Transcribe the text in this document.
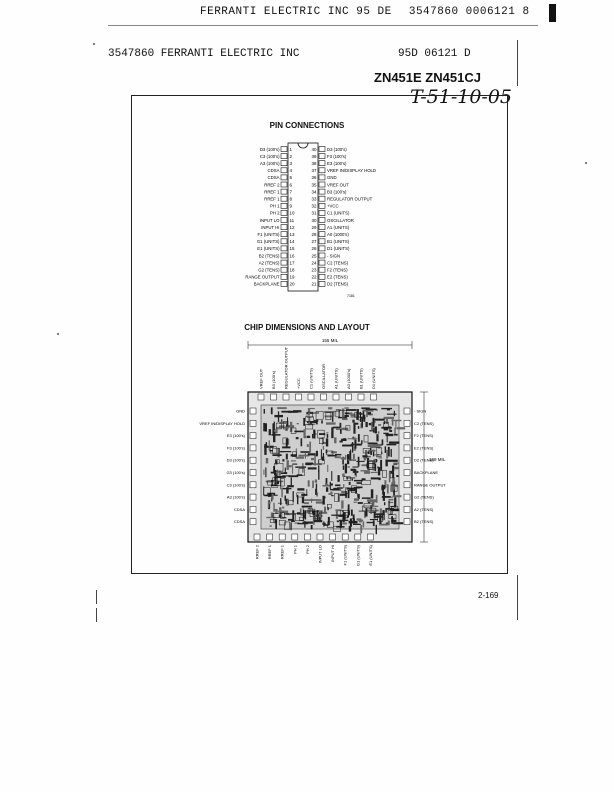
FERRANTI ELECTRIC INC 95 DE 3547860 0006121 8
3547860 FERRANTI ELECTRIC INC	95D 06121 D
ZN451E ZN451CJ
T-51-10-05
PIN CONNECTIONS
1
D3 (100's)
2
C3 (100's)
3
A3 (100's)
4
CDSA
5
CDSA
6
RREF 2
7
RREF 1
8
RREF 1
9
PH 1
10
PH 2
11
INPUT LO
12
INPUT HI
13
F1 (UNITS)
14
G1 (UNITS)
15
E1 (UNITS)
16
B2 (TENS)
17
A2 (TENS)
18
G2 (TENS)
19
RANGE OUTPUT
20
BACKPLANE
40 D3 (100's)
39 F3 (100's)
38 E3 (100's)
37 VREF IN/DISPLAY HOLD
36 GND
35 VREF OUT
34 B3 (100's)
33 REGULATOR OUTPUT
32 +VCC
31 C1 (UNITS)
30 OSCILLATOR
29 A1 (UNITS)
28 A0 (1000's)
27 B1 (UNITS)
26 D1 (UNITS)
25 - SIGN
24 C2 (TENS)
23 F2 (TENS)
22 E2 (TENS)
21 D2 (TENS)
7181
CHIP DIMENSIONS AND LAYOUT
155 MIL
158 MIL
VREF OUT B3 (100's) REGULATOR OUTPUT +VCC C1 (UNITS) OSCILLATOR A1 (UNITS) A0 (1000's) B1 (UNITS) D1 (UNITS)
GND
VREF IN/DISPLAY HOLD
E3 (100's)
F3 (100's)
D3 (100's)
G3 (100's)
C3 (100's)
A3 (100's)
CDSA
CDSA
- SIGN
C2 (TENS)
F2 (TENS)
E2 (TENS)
D2 (TENS)
BACKPLANE
RANGE OUTPUT
G2 (TENS)
A2 (TENS)
B2 (TENS)
RREF 2 RREF 1 RREF 1 PH 1 PH 2 INPUT LO INPUT HI F1 (UNITS) G1 (UNITS) E1 (UNITS)
2-169
